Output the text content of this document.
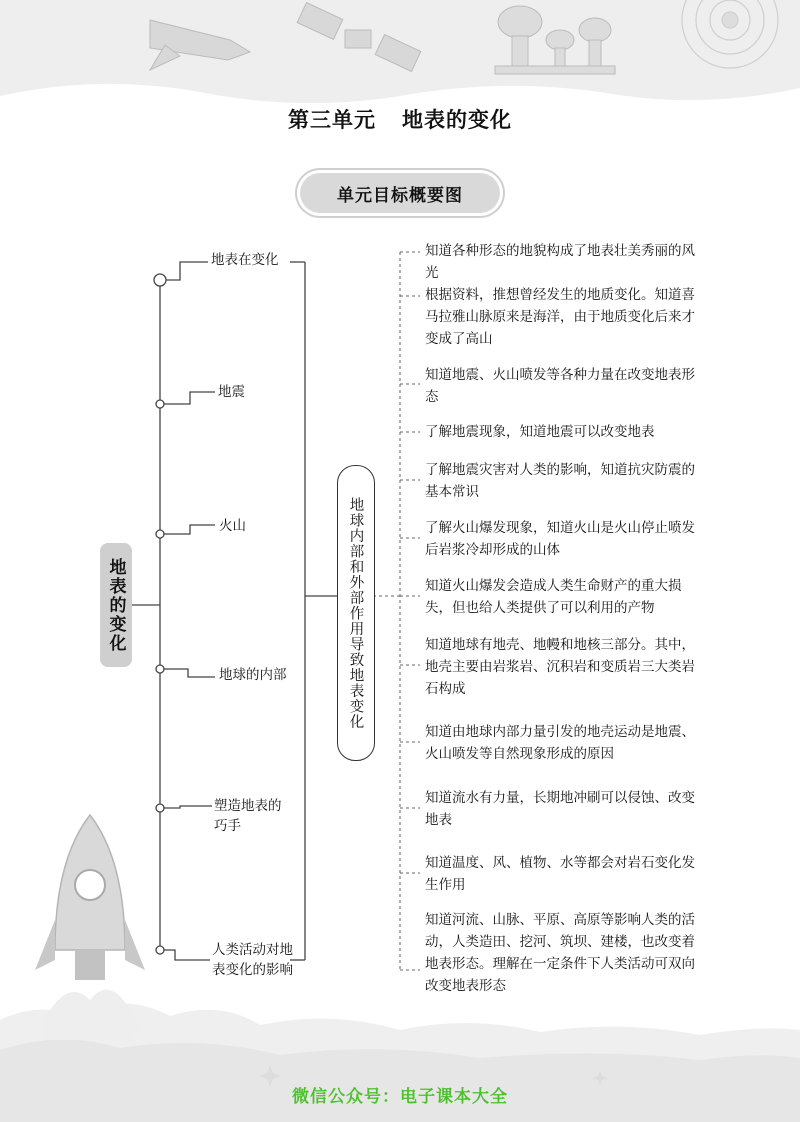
第三单元 地表的变化
单元目标概要图
地表的变化
地表在变化
地震
火山
地球的内部
塑造地表的巧手
人类活动对地表变化的影响
地球内部和外部作用导致地表变化
知道各种形态的地貌构成了地表壮美秀丽的风光
根据资料，推想曾经发生的地质变化。知道喜马拉雅山脉原来是海洋，由于地质变化后来才变成了高山
知道地震、火山喷发等各种力量在改变地表形态
了解地震现象，知道地震可以改变地表
了解地震灾害对人类的影响，知道抗灾防震的基本常识
了解火山爆发现象，知道火山是火山停止喷发后岩浆冷却形成的山体
知道火山爆发会造成人类生命财产的重大损失，但也给人类提供了可以利用的产物
知道地球有地壳、地幔和地核三部分。其中，地壳主要由岩浆岩、沉积岩和变质岩三大类岩石构成
知道由地球内部力量引发的地壳运动是地震、火山喷发等自然现象形成的原因
知道流水有力量，长期地冲刷可以侵蚀、改变地表
知道温度、风、植物、水等都会对岩石变化发生作用
知道河流、山脉、平原、高原等影响人类的活动，人类造田、挖河、筑坝、建楼，也改变着地表形态。理解在一定条件下人类活动可双向改变地表形态
微信公众号：电子课本大全
